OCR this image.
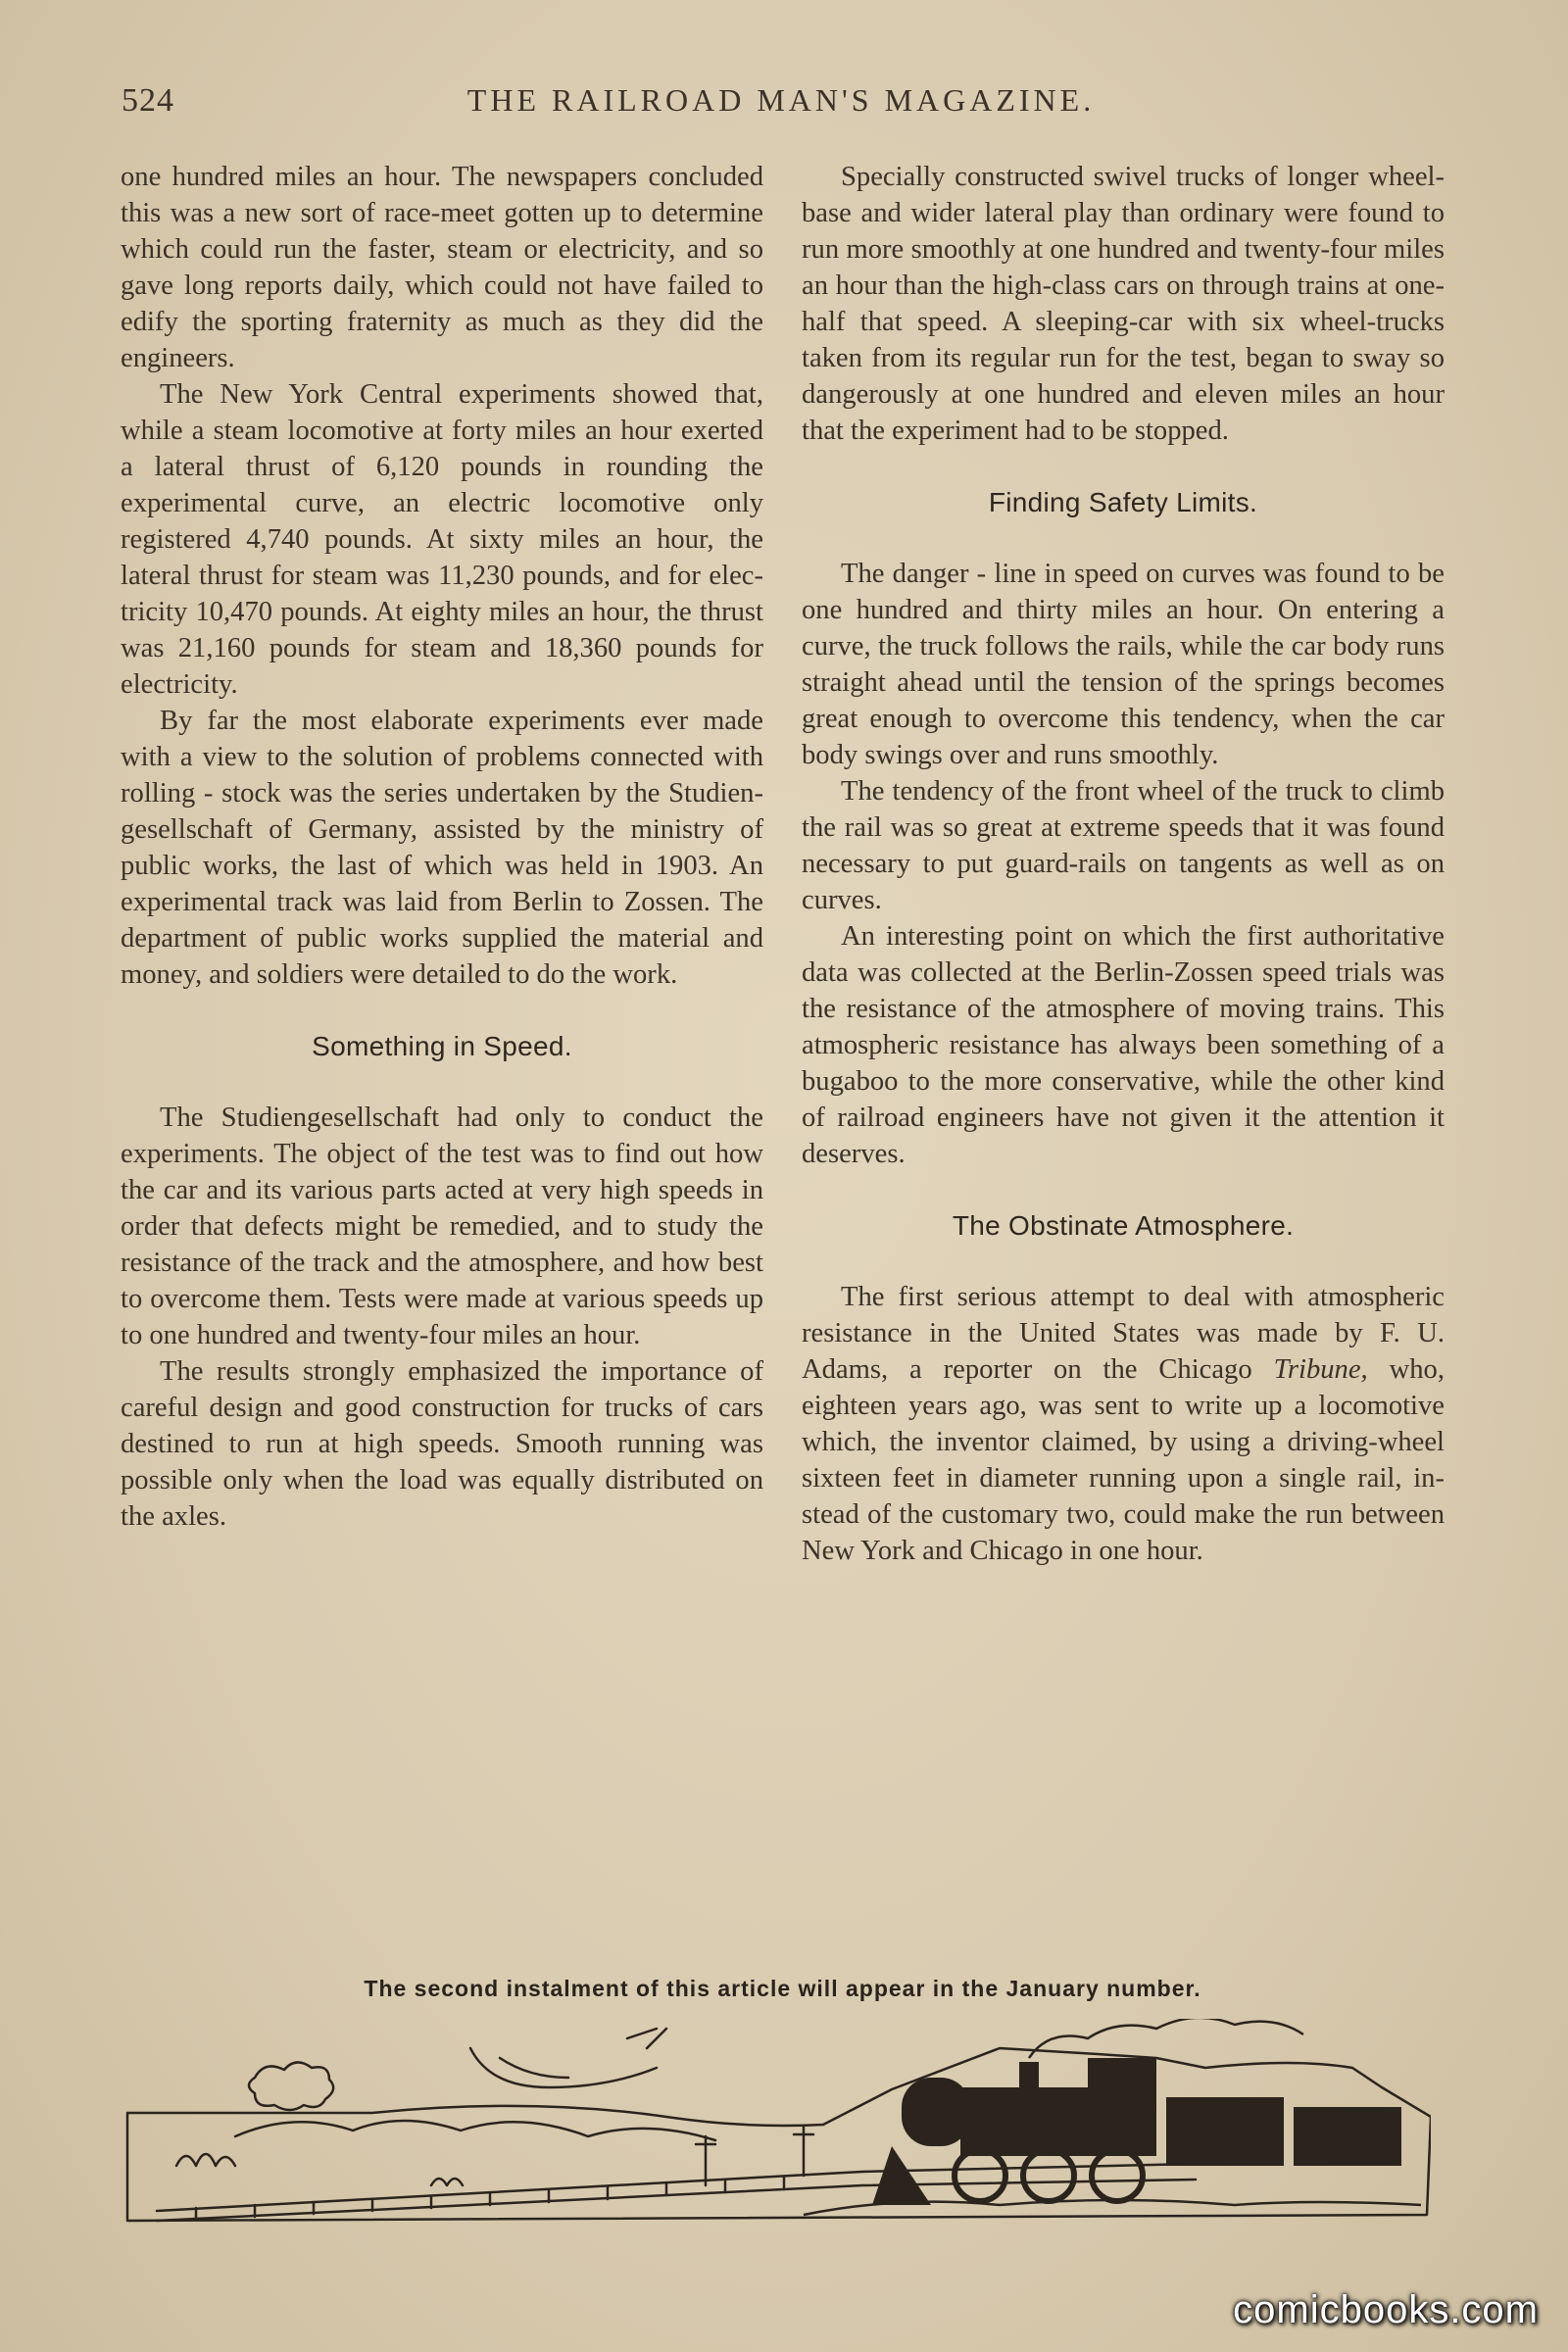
524	THE RAILROAD MAN'S MAGAZINE.

one hundred miles an hour. The newspapers concluded this was a new sort of race-meet gotten up to determine which could run the faster, steam or electricity, and so gave long reports daily, which could not have failed to edify the sporting fraternity as much as they did the engineers.

The New York Central experiments showed that, while a steam locomotive at forty miles an hour exerted a lateral thrust of 6,120 pounds in rounding the experimental curve, an electric locomotive only registered 4,740 pounds. At sixty miles an hour, the lateral thrust for steam was 11,230 pounds, and for electricity 10,470 pounds. At eighty miles an hour, the thrust was 21,160 pounds for steam and 18,360 pounds for electricity.

By far the most elaborate experiments ever made with a view to the solution of problems connected with rolling - stock was the series undertaken by the Studiengesellschaft of Germany, assisted by the ministry of public works, the last of which was held in 1903. An experimental track was laid from Berlin to Zossen. The department of public works supplied the material and money, and soldiers were detailed to do the work.

Something in Speed.

The Studiengesellschaft had only to conduct the experiments. The object of the test was to find out how the car and its various parts acted at very high speeds in order that defects might be remedied, and to study the resistance of the track and the atmosphere, and how best to overcome them. Tests were made at various speeds up to one hundred and twenty-four miles an hour.

The results strongly emphasized the importance of careful design and good construction for trucks of cars destined to run at high speeds. Smooth running was possible only when the load was equally distributed on the axles.

Specially constructed swivel trucks of longer wheel-base and wider lateral play than ordinary were found to run more smoothly at one hundred and twenty-four miles an hour than the high-class cars on through trains at one-half that speed. A sleeping-car with six wheel-trucks taken from its regular run for the test, began to sway so dangerously at one hundred and eleven miles an hour that the experiment had to be stopped.

Finding Safety Limits.

The danger - line in speed on curves was found to be one hundred and thirty miles an hour. On entering a curve, the truck follows the rails, while the car body runs straight ahead until the tension of the springs becomes great enough to overcome this tendency, when the car body swings over and runs smoothly.

The tendency of the front wheel of the truck to climb the rail was so great at extreme speeds that it was found necessary to put guard-rails on tangents as well as on curves.

An interesting point on which the first authoritative data was collected at the Berlin-Zossen speed trials was the resistance of the atmosphere of moving trains. This atmospheric resistance has always been something of a bugaboo to the more conservative, while the other kind of railroad engineers have not given it the attention it deserves.

The Obstinate Atmosphere.

The first serious attempt to deal with atmospheric resistance in the United States was made by F. U. Adams, a reporter on the Chicago Tribune, who, eighteen years ago, was sent to write up a locomotive which, the inventor claimed, by using a driving-wheel sixteen feet in diameter running upon a single rail, instead of the customary two, could make the run between New York and Chicago in one hour.

The second instalment of this article will appear in the January number.
comicbooks.com
